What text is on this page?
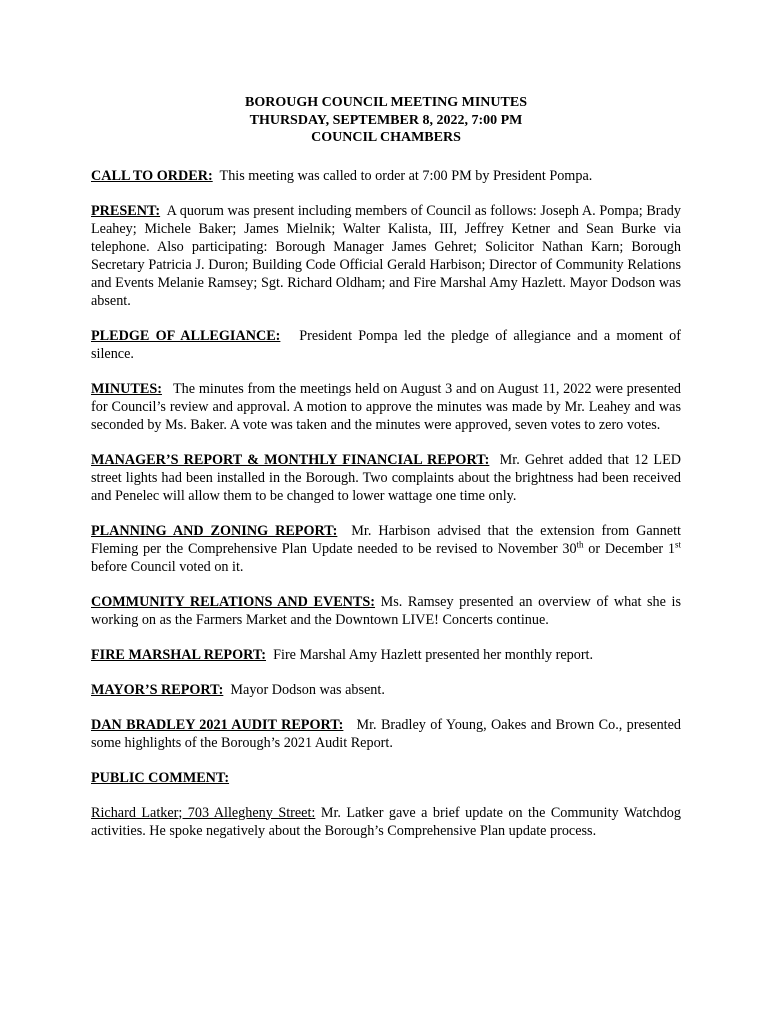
BOROUGH COUNCIL MEETING MINUTES
THURSDAY, SEPTEMBER 8, 2022, 7:00 PM
COUNCIL CHAMBERS

CALL TO ORDER: This meeting was called to order at 7:00 PM by President Pompa.

PRESENT: A quorum was present including members of Council as follows: Joseph A. Pompa; Brady Leahey; Michele Baker; James Mielnik; Walter Kalista, III, Jeffrey Ketner and Sean Burke via telephone. Also participating: Borough Manager James Gehret; Solicitor Nathan Karn; Borough Secretary Patricia J. Duron; Building Code Official Gerald Harbison; Director of Community Relations and Events Melanie Ramsey; Sgt. Richard Oldham; and Fire Marshal Amy Hazlett. Mayor Dodson was absent.

PLEDGE OF ALLEGIANCE: President Pompa led the pledge of allegiance and a moment of silence.

MINUTES: The minutes from the meetings held on August 3 and on August 11, 2022 were presented for Council’s review and approval. A motion to approve the minutes was made by Mr. Leahey and was seconded by Ms. Baker. A vote was taken and the minutes were approved, seven votes to zero votes.

MANAGER’S REPORT & MONTHLY FINANCIAL REPORT: Mr. Gehret added that 12 LED street lights had been installed in the Borough. Two complaints about the brightness had been received and Penelec will allow them to be changed to lower wattage one time only.

PLANNING AND ZONING REPORT: Mr. Harbison advised that the extension from Gannett Fleming per the Comprehensive Plan Update needed to be revised to November 30th or December 1st before Council voted on it.

COMMUNITY RELATIONS AND EVENTS: Ms. Ramsey presented an overview of what she is working on as the Farmers Market and the Downtown LIVE! Concerts continue.

FIRE MARSHAL REPORT: Fire Marshal Amy Hazlett presented her monthly report.

MAYOR’S REPORT: Mayor Dodson was absent.

DAN BRADLEY 2021 AUDIT REPORT: Mr. Bradley of Young, Oakes and Brown Co., presented some highlights of the Borough’s 2021 Audit Report.

PUBLIC COMMENT:

Richard Latker; 703 Allegheny Street: Mr. Latker gave a brief update on the Community Watchdog activities. He spoke negatively about the Borough’s Comprehensive Plan update process.
